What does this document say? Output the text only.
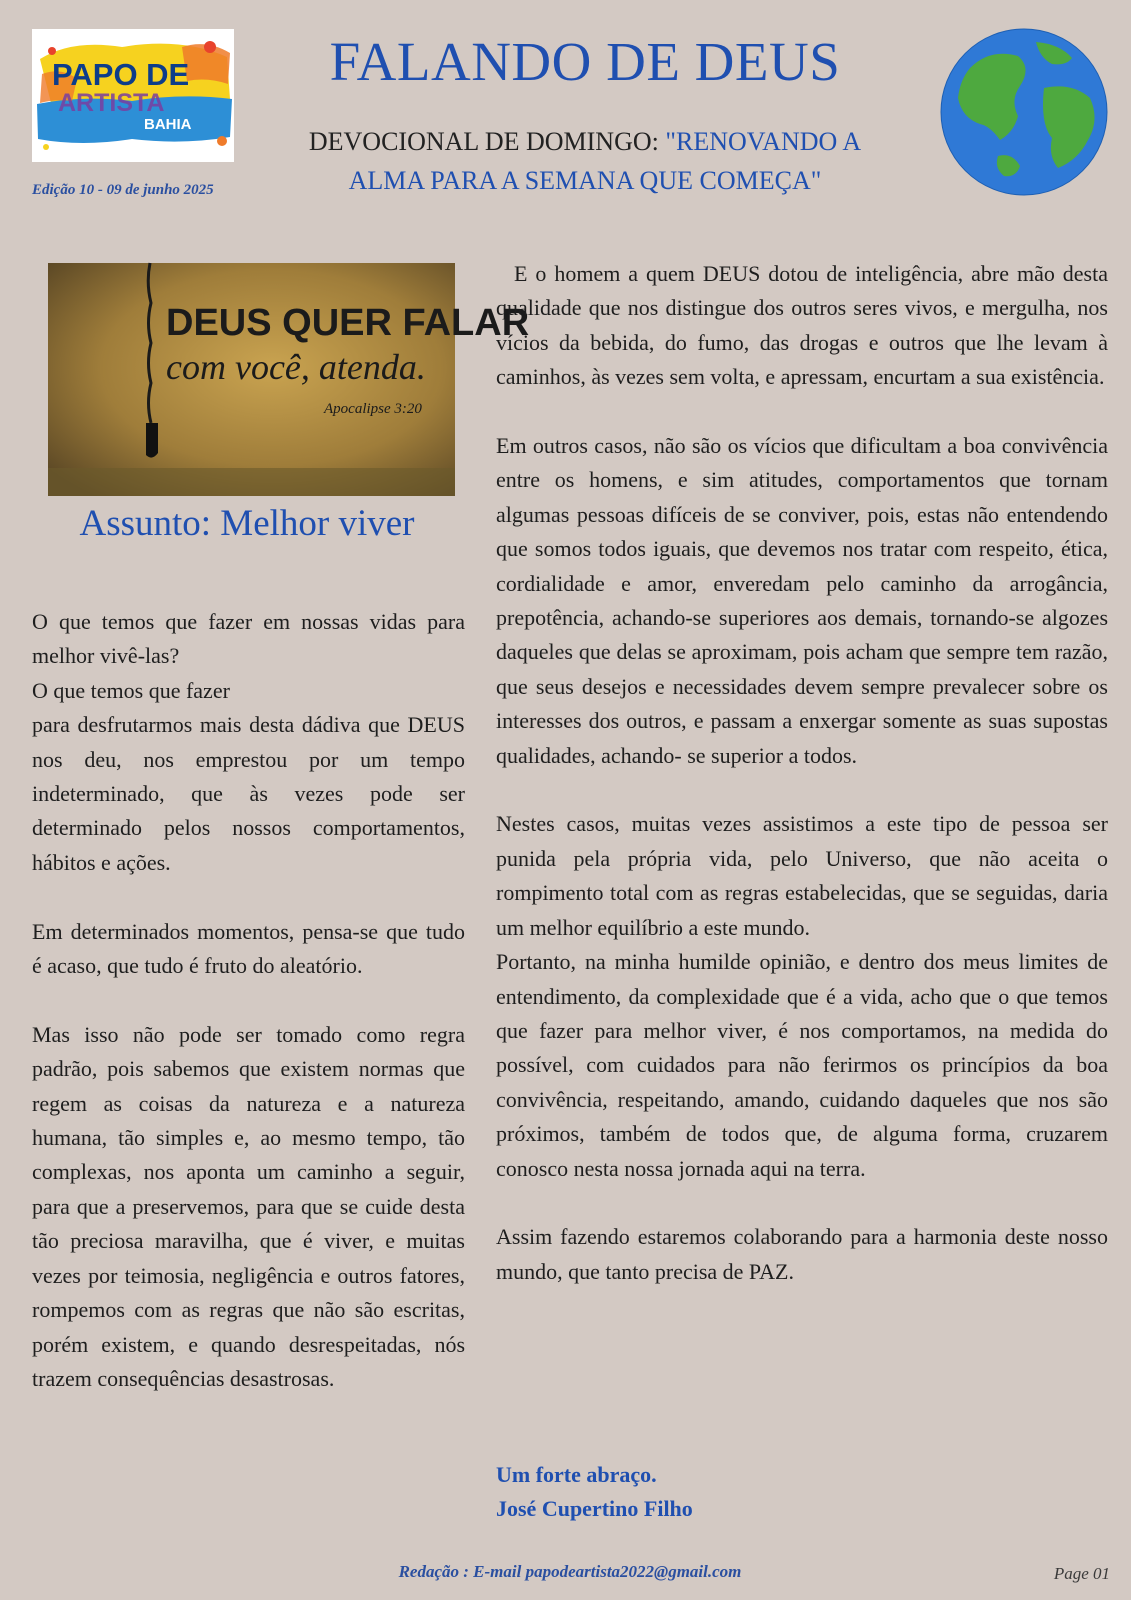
PAPO DE
ARTISTA
BAHIA
Edição 10 - 09 de junho 2025
FALANDO DE DEUS
DEVOCIONAL DE DOMINGO: "RENOVANDO A ALMA PARA A SEMANA QUE COMEÇA"
DEUS QUER FALAR
com você, atenda.
Apocalipse 3:20
Assunto: Melhor viver

O que temos que fazer em nossas vidas para melhor vivê-las?
O que temos que fazer
para desfrutarmos mais desta dádiva que DEUS nos deu, nos emprestou por um tempo indeterminado, que às vezes pode ser determinado pelos nossos comportamentos, hábitos e ações.

Em determinados momentos, pensa-se que tudo é acaso, que tudo é fruto do aleatório.

Mas isso não pode ser tomado como regra padrão, pois sabemos que existem normas que regem as coisas da natureza e a natureza humana, tão simples e, ao mesmo tempo, tão complexas, nos aponta um caminho a seguir, para que a preservemos, para que se cuide desta tão preciosa maravilha, que é viver, e muitas vezes por teimosia, negligência e outros fatores, rompemos com as regras que não são escritas, porém existem, e quando desrespeitadas, nós trazem consequências desastrosas.

E o homem a quem DEUS dotou de inteligência, abre mão desta qualidade que nos distingue dos outros seres vivos, e mergulha, nos vícios da bebida, do fumo, das drogas e outros que lhe levam à caminhos, às vezes sem volta, e apressam, encurtam a sua existência.

Em outros casos, não são os vícios que dificultam a boa convivência entre os homens, e sim atitudes, comportamentos que tornam algumas pessoas difíceis de se conviver, pois, estas não entendendo que somos todos iguais, que devemos nos tratar com respeito, ética, cordialidade e amor, enveredam pelo caminho da arrogância, prepotência, achando-se superiores aos demais, tornando-se algozes daqueles que delas se aproximam, pois acham que sempre tem razão, que seus desejos e necessidades devem sempre prevalecer sobre os interesses dos outros, e passam a enxergar somente as suas supostas qualidades, achando- se superior a todos.

Nestes casos, muitas vezes assistimos a este tipo de pessoa ser punida pela própria vida, pelo Universo, que não aceita o rompimento total com as regras estabelecidas, que se seguidas, daria um melhor equilíbrio a este mundo.
Portanto, na minha humilde opinião, e dentro dos meus limites de entendimento, da complexidade que é a vida, acho que o que temos que fazer para melhor viver, é nos comportamos, na medida do possível, com cuidados para não ferirmos os princípios da boa convivência, respeitando, amando, cuidando daqueles que nos são próximos, também de todos que, de alguma forma, cruzarem conosco nesta nossa jornada aqui na terra.

Assim fazendo estaremos colaborando para a harmonia deste nosso mundo, que tanto precisa de PAZ.

Um forte abraço.
José Cupertino Filho
Redação : E-mail papodeartista2022@gmail.com	Page 01
